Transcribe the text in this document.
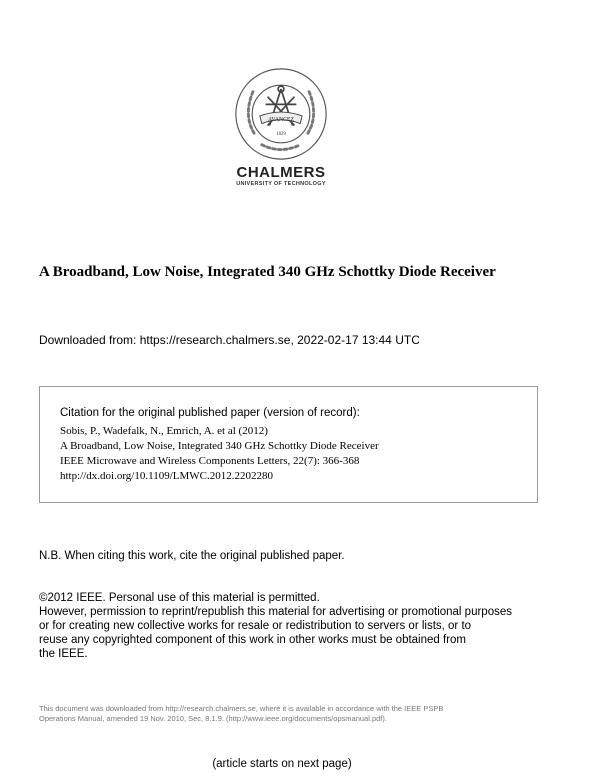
AVANCEZ
1829
CHALMERS
UNIVERSITY OF TECHNOLOGY
A Broadband, Low Noise, Integrated 340 GHz Schottky Diode Receiver
Downloaded from: https://research.chalmers.se, 2022-02-17 13:44 UTC
Citation for the original published paper (version of record):
Sobis, P., Wadefalk, N., Emrich, A. et al (2012)
A Broadband, Low Noise, Integrated 340 GHz Schottky Diode Receiver
IEEE Microwave and Wireless Components Letters, 22(7): 366-368
http://dx.doi.org/10.1109/LMWC.2012.2202280
N.B. When citing this work, cite the original published paper.
©2012 IEEE. Personal use of this material is permitted.
However, permission to reprint/republish this material for advertising or promotional purposes
or for creating new collective works for resale or redistribution to servers or lists, or to
reuse any copyrighted component of this work in other works must be obtained from
the IEEE.
This document was downloaded from http://research.chalmers.se, where it is available in accordance with the IEEE PSPB
Operations Manual, amended 19 Nov. 2010, Sec, 8.1.9. (http://www.ieee.org/documents/opsmanual.pdf).
(article starts on next page)
